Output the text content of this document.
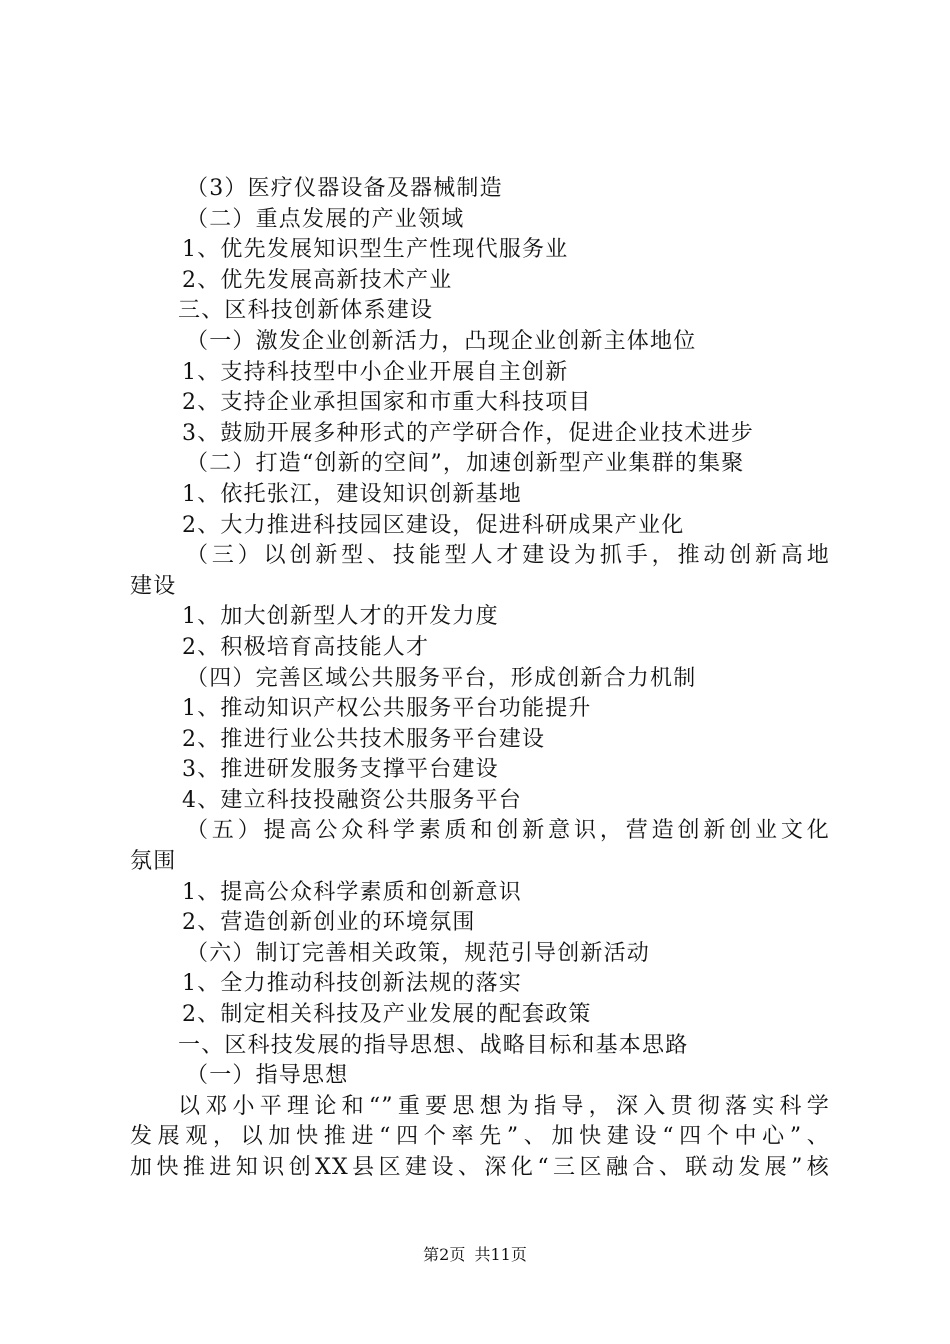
（3）医疗仪器设备及器械制造
（二）重点发展的产业领域
1、优先发展知识型生产性现代服务业
2、优先发展高新技术产业
三、区科技创新体系建设
（一）激发企业创新活力，凸现企业创新主体地位
1、支持科技型中小企业开展自主创新
2、支持企业承担国家和市重大科技项目
3、鼓励开展多种形式的产学研合作，促进企业技术进步
（二）打造“创新的空间”，加速创新型产业集群的集聚
1、依托张江，建设知识创新基地
2、大力推进科技园区建设，促进科研成果产业化
（三）以创新型、技能型人才建设为抓手，推动创新高地
建设
1、加大创新型人才的开发力度
2、积极培育高技能人才
（四）完善区域公共服务平台，形成创新合力机制
1、推动知识产权公共服务平台功能提升
2、推进行业公共技术服务平台建设
3、推进研发服务支撑平台建设
4、建立科技投融资公共服务平台
（五）提高公众科学素质和创新意识，营造创新创业文化
氛围
1、提高公众科学素质和创新意识
2、营造创新创业的环境氛围
（六）制订完善相关政策，规范引导创新活动
1、全力推动科技创新法规的落实
2、制定相关科技及产业发展的配套政策
一、区科技发展的指导思想、战略目标和基本思路
（一）指导思想
以邓小平理论和“”重要思想为指导，深入贯彻落实科学
发展观，以加快推进“四个率先”、加快建设“四个中心”、
加快推进知识创XX县区建设、深化“三区融合、联动发展”核
第2页 共11页
